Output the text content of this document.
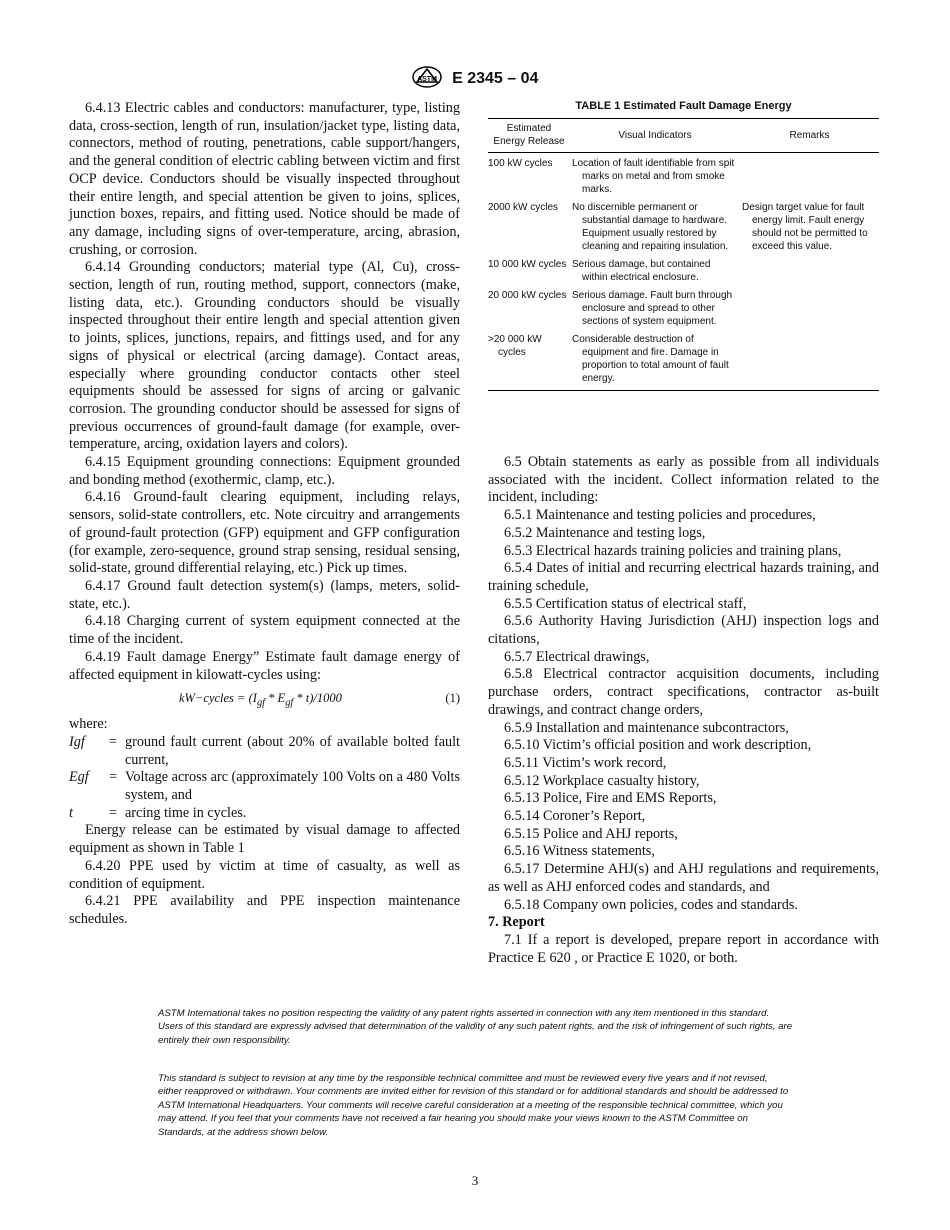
ASTM E 2345 – 04

6.4.13 Electric cables and conductors: manufacturer, type, listing data, cross-section, length of run, insulation/jacket type, listing data, connectors, method of routing, penetrations, cable support/hangers, and the general condition of electric cabling between victim and first OCP device. Conductors should be visually inspected throughout their entire length, and special attention be given to joins, splices, junction boxes, repairs, and fitting used. Notice should be made of any damage, including signs of over-temperature, arcing, abrasion, crushing, or corrosion.

6.4.14 Grounding conductors; material type (Al, Cu), cross-section, length of run, routing method, support, connectors (make, listing data, etc.). Grounding conductors should be visually inspected throughout their entire length and special attention given to joints, splices, junctions, repairs, and fittings used, and for any signs of physical or electrical (arcing damage). Contact areas, especially where grounding conductor contacts other steel equipments should be assessed for signs of arcing or galvanic corrosion. The grounding conductor should be assessed for signs of previous occurrences of ground-fault damage (for example, over-temperature, arcing, oxidation layers and colors).

6.4.15 Equipment grounding connections: Equipment grounded and bonding method (exothermic, clamp, etc.).

6.4.16 Ground-fault clearing equipment, including relays, sensors, solid-state controllers, etc. Note circuitry and arrangements of ground-fault protection (GFP) equipment and GFP configuration (for example, zero-sequence, ground strap sensing, residual sensing, solid-state, ground differential relaying, etc.) Pick up times.

6.4.17 Ground fault detection system(s) (lamps, meters, solid-state, etc.).

6.4.18 Charging current of system equipment connected at the time of the incident.

6.4.19 Fault damage Energy” Estimate fault damage energy of affected equipment in kilowatt-cycles using:

kW−cycles = $(I_{gf} * E_{gf} * t)/1000$	(1)
where:
Igf	= ground fault current (about 20% of available bolted fault current,
Egf	= Voltage across arc (approximately 100 Volts on a 480 Volts system, and
t	= arcing time in cycles.

Energy release can be estimated by visual damage to affected equipment as shown in Table 1

6.4.20 PPE used by victim at time of casualty, as well as condition of equipment.

6.4.21 PPE availability and PPE inspection maintenance schedules.

TABLE 1 Estimated Fault Damage Energy
Estimated Energy Release	Visual Indicators	Remarks

100 kW cycles	Location of fault identifiable from spit marks on metal and from smoke marks.	

2000 kW cycles	No discernible permanent or substantial damage to hardware. Equipment usually restored by cleaning and repairing insulation.	Design target value for fault energy limit. Fault energy should not be permitted to exceed this value.

10 000 kW cycles	Serious damage, but contained within electrical enclosure.	

20 000 kW cycles	Serious damage. Fault burn through enclosure and spread to other sections of system equipment.	

>20 000 kW cycles	Considerable destruction of equipment and fire. Damage in proportion to total amount of fault energy.	

6.5 Obtain statements as early as possible from all individuals associated with the incident. Collect information related to the incident, including:

6.5.1 Maintenance and testing policies and procedures,

6.5.2 Maintenance and testing logs,

6.5.3 Electrical hazards training policies and training plans,

6.5.4 Dates of initial and recurring electrical hazards training, and training schedule,

6.5.5 Certification status of electrical staff,

6.5.6 Authority Having Jurisdiction (AHJ) inspection logs and citations,

6.5.7 Electrical drawings,

6.5.8 Electrical contractor acquisition documents, including purchase orders, contract specifications, contractor as-built drawings, and contract change orders,

6.5.9 Installation and maintenance subcontractors,

6.5.10 Victim’s official position and work description,

6.5.11 Victim’s work record,

6.5.12 Workplace casualty history,

6.5.13 Police, Fire and EMS Reports,

6.5.14 Coroner’s Report,

6.5.15 Police and AHJ reports,

6.5.16 Witness statements,

6.5.17 Determine AHJ(s) and AHJ regulations and requirements, as well as AHJ enforced codes and standards, and

6.5.18 Company own policies, codes and standards.

7. Report

7.1 If a report is developed, prepare report in accordance with Practice E 620 , or Practice E 1020, or both.

ASTM International takes no position respecting the validity of any patent rights asserted in connection with any item mentioned in this standard. Users of this standard are expressly advised that determination of the validity of any such patent rights, and the risk of infringement of such rights, are entirely their own responsibility.
This standard is subject to revision at any time by the responsible technical committee and must be reviewed every five years and if not revised, either reapproved or withdrawn. Your comments are invited either for revision of this standard or for additional standards and should be addressed to ASTM International Headquarters. Your comments will receive careful consideration at a meeting of the responsible technical committee, which you may attend. If you feel that your comments have not received a fair hearing you should make your views known to the ASTM Committee on Standards, at the address shown below.
3
